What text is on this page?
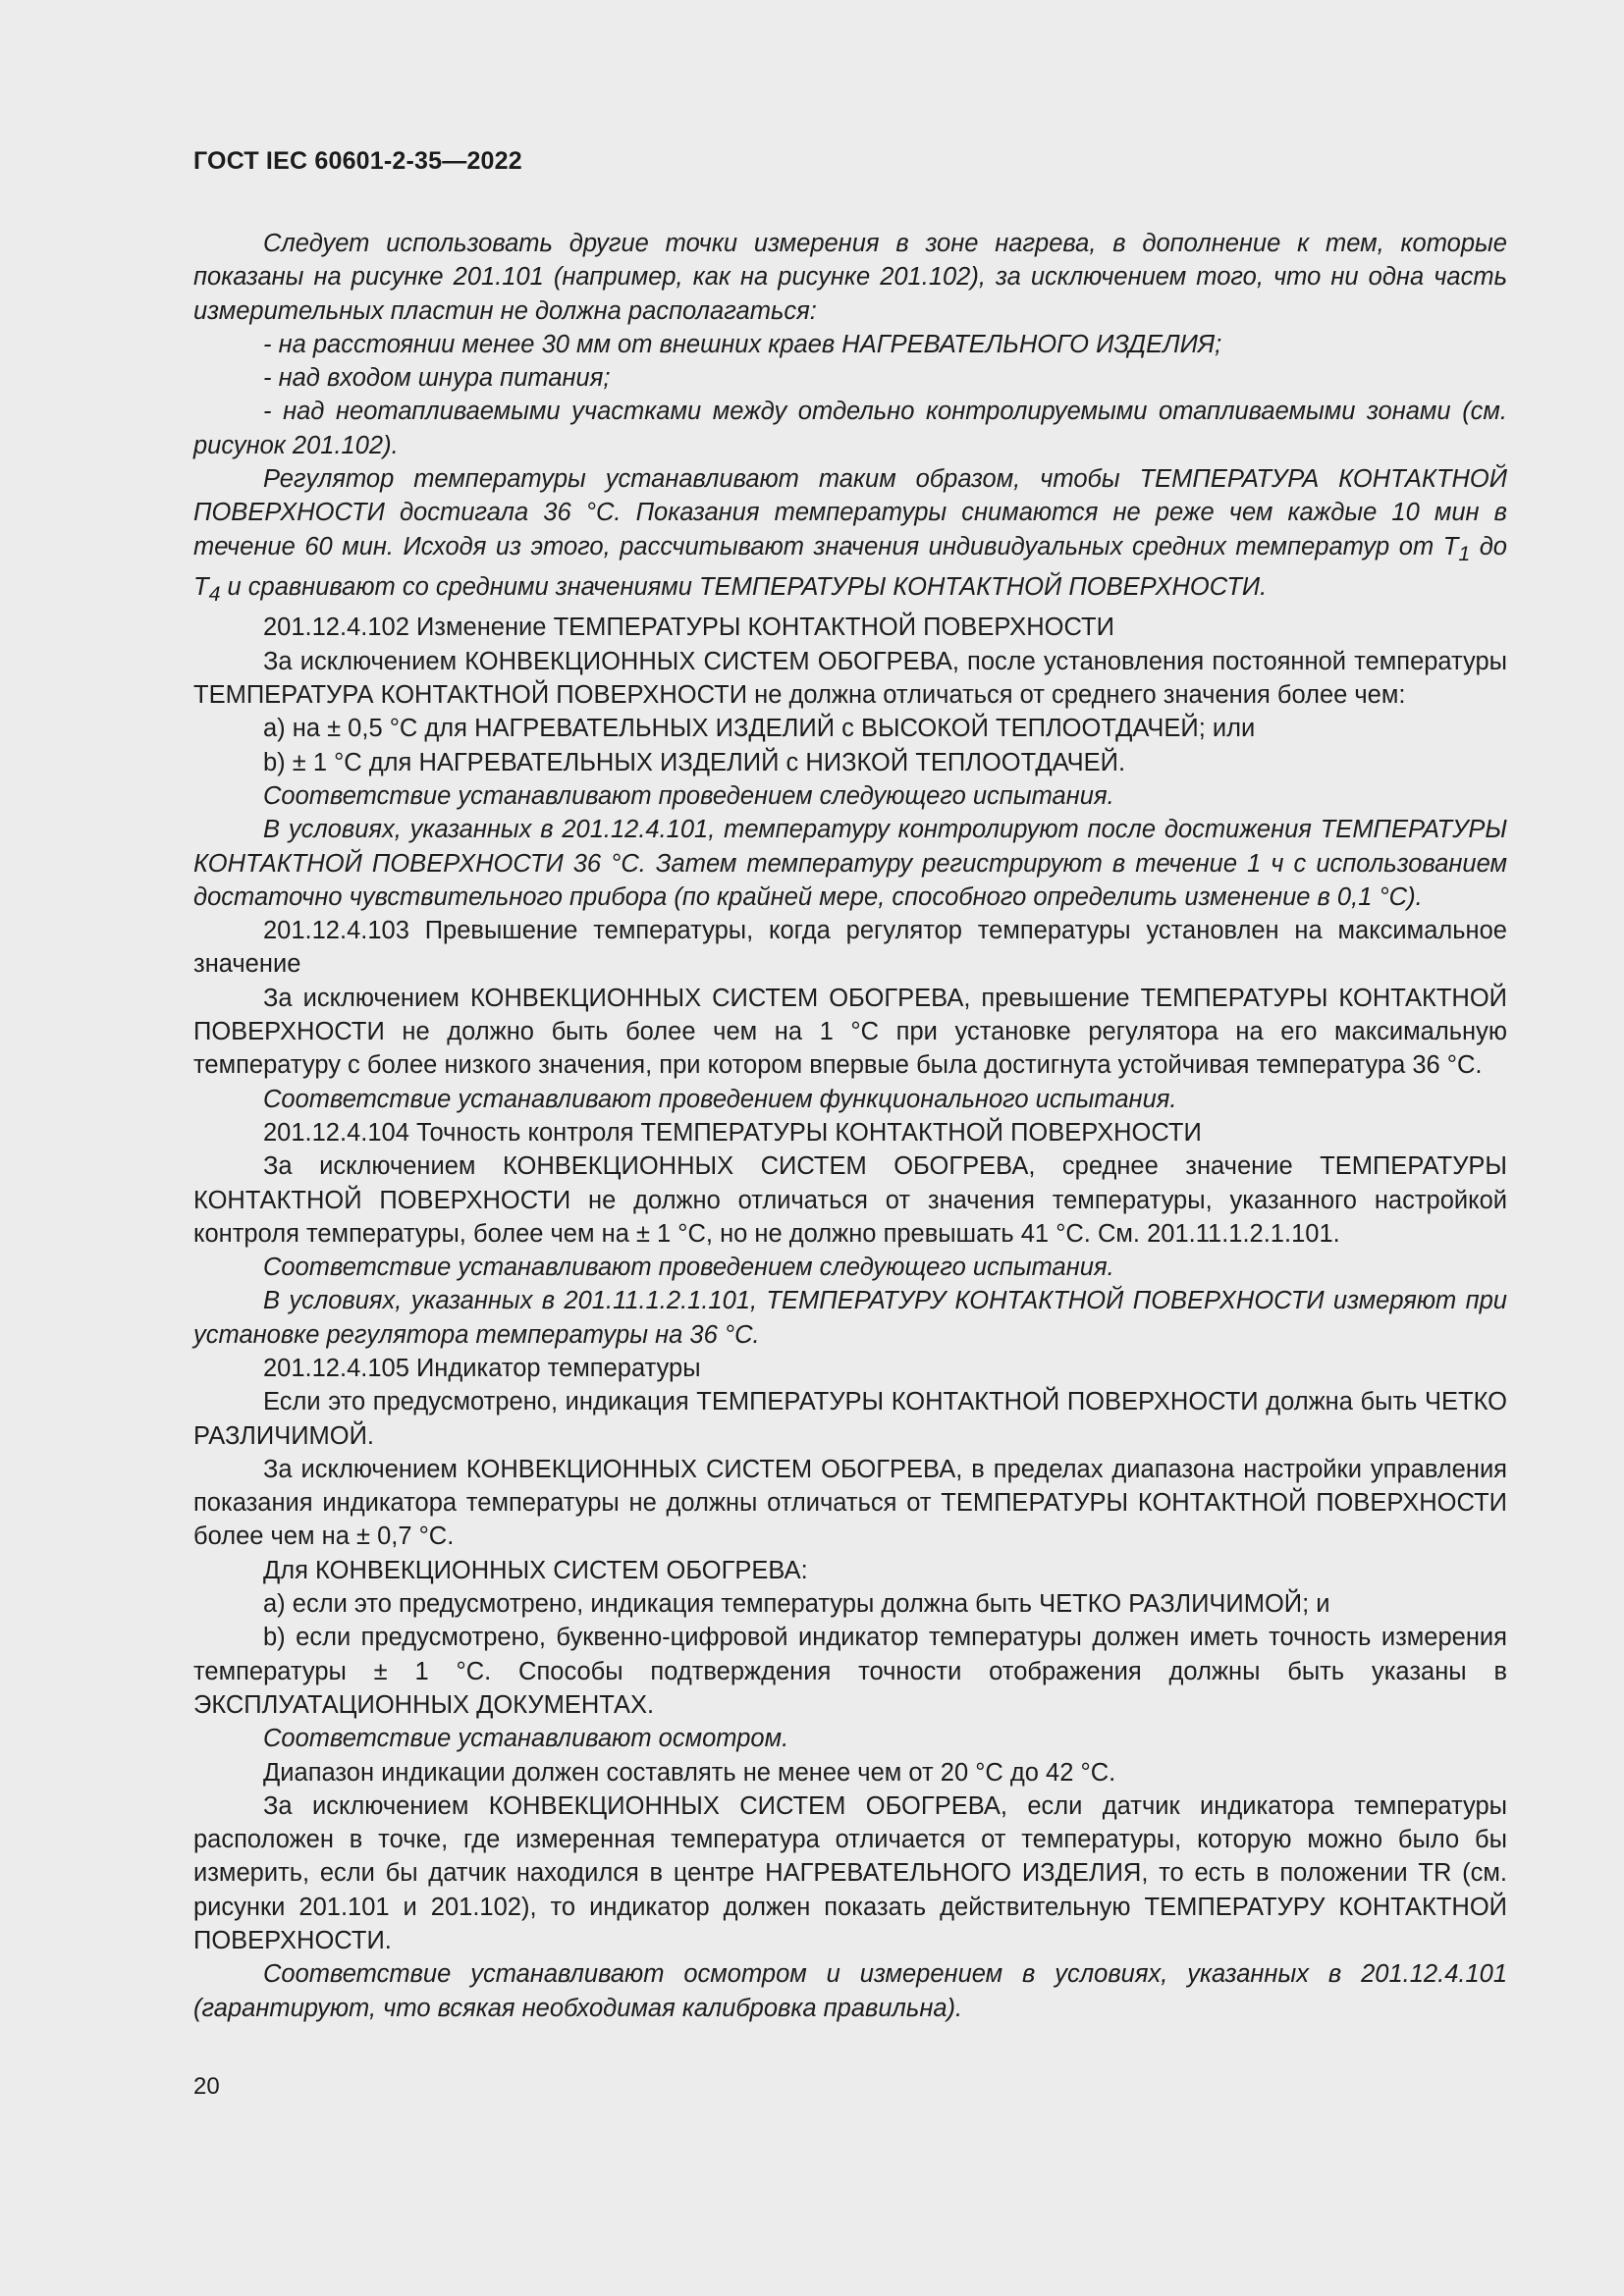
ГОСТ IEC 60601-2-35—2022

Следует использовать другие точки измерения в зоне нагрева, в дополнение к тем, которые показаны на рисунке 201.101 (например, как на рисунке 201.102), за исключением того, что ни одна часть измерительных пластин не должна располагаться:

- на расстоянии менее 30 мм от внешних краев НАГРЕВАТЕЛЬНОГО ИЗДЕЛИЯ;

- над входом шнура питания;

- над неотапливаемыми участками между отдельно контролируемыми отапливаемыми зонами (см. рисунок 201.102).

Регулятор температуры устанавливают таким образом, чтобы ТЕМПЕРАТУРА КОНТАКТНОЙ ПОВЕРХНОСТИ достигала 36 °C. Показания температуры снимаются не реже чем каждые 10 мин в течение 60 мин. Исходя из этого, рассчитывают значения индивидуальных средних температур от $T_1$ до $T_4$ и сравнивают со средними значениями ТЕМПЕРАТУРЫ КОНТАКТНОЙ ПОВЕРХНОСТИ.

201.12.4.102 Изменение ТЕМПЕРАТУРЫ КОНТАКТНОЙ ПОВЕРХНОСТИ

За исключением КОНВЕКЦИОННЫХ СИСТЕМ ОБОГРЕВА, после установления постоянной температуры ТЕМПЕРАТУРА КОНТАКТНОЙ ПОВЕРХНОСТИ не должна отличаться от среднего значения более чем:

a) на ± 0,5 °C для НАГРЕВАТЕЛЬНЫХ ИЗДЕЛИЙ с ВЫСОКОЙ ТЕПЛООТДАЧЕЙ; или

b) ± 1 °C для НАГРЕВАТЕЛЬНЫХ ИЗДЕЛИЙ с НИЗКОЙ ТЕПЛООТДАЧЕЙ.

Соответствие устанавливают проведением следующего испытания.

В условиях, указанных в 201.12.4.101, температуру контролируют после достижения ТЕМПЕРАТУРЫ КОНТАКТНОЙ ПОВЕРХНОСТИ 36 °C. Затем температуру регистрируют в течение 1 ч с использованием достаточно чувствительного прибора (по крайней мере, способного определить изменение в 0,1 °C).

201.12.4.103 Превышение температуры, когда регулятор температуры установлен на максимальное значение

За исключением КОНВЕКЦИОННЫХ СИСТЕМ ОБОГРЕВА, превышение ТЕМПЕРАТУРЫ КОНТАКТНОЙ ПОВЕРХНОСТИ не должно быть более чем на 1 °C при установке регулятора на его максимальную температуру с более низкого значения, при котором впервые была достигнута устойчивая температура 36 °C.

Соответствие устанавливают проведением функционального испытания.

201.12.4.104 Точность контроля ТЕМПЕРАТУРЫ КОНТАКТНОЙ ПОВЕРХНОСТИ

За исключением КОНВЕКЦИОННЫХ СИСТЕМ ОБОГРЕВА, среднее значение ТЕМПЕРАТУРЫ КОНТАКТНОЙ ПОВЕРХНОСТИ не должно отличаться от значения температуры, указанного настройкой контроля температуры, более чем на ± 1 °C, но не должно превышать 41 °C. См. 201.11.1.2.1.101.

Соответствие устанавливают проведением следующего испытания.

В условиях, указанных в 201.11.1.2.1.101, ТЕМПЕРАТУРУ КОНТАКТНОЙ ПОВЕРХНОСТИ измеряют при установке регулятора температуры на 36 °C.

201.12.4.105 Индикатор температуры

Если это предусмотрено, индикация ТЕМПЕРАТУРЫ КОНТАКТНОЙ ПОВЕРХНОСТИ должна быть ЧЕТКО РАЗЛИЧИМОЙ.

За исключением КОНВЕКЦИОННЫХ СИСТЕМ ОБОГРЕВА, в пределах диапазона настройки управления показания индикатора температуры не должны отличаться от ТЕМПЕРАТУРЫ КОНТАКТНОЙ ПОВЕРХНОСТИ более чем на ± 0,7 °C.

Для КОНВЕКЦИОННЫХ СИСТЕМ ОБОГРЕВА:

a) если это предусмотрено, индикация температуры должна быть ЧЕТКО РАЗЛИЧИМОЙ; и

b) если предусмотрено, буквенно-цифровой индикатор температуры должен иметь точность измерения температуры ± 1 °C. Способы подтверждения точности отображения должны быть указаны в ЭКСПЛУАТАЦИОННЫХ ДОКУМЕНТАХ.

Соответствие устанавливают осмотром.

Диапазон индикации должен составлять не менее чем от 20 °C до 42 °C.

За исключением КОНВЕКЦИОННЫХ СИСТЕМ ОБОГРЕВА, если датчик индикатора температуры расположен в точке, где измеренная температура отличается от температуры, которую можно было бы измерить, если бы датчик находился в центре НАГРЕВАТЕЛЬНОГО ИЗДЕЛИЯ, то есть в положении TR (см. рисунки 201.101 и 201.102), то индикатор должен показать действительную ТЕМПЕРАТУРУ КОНТАКТНОЙ ПОВЕРХНОСТИ.

Соответствие устанавливают осмотром и измерением в условиях, указанных в 201.12.4.101 (гарантируют, что всякая необходимая калибровка правильна).

20
